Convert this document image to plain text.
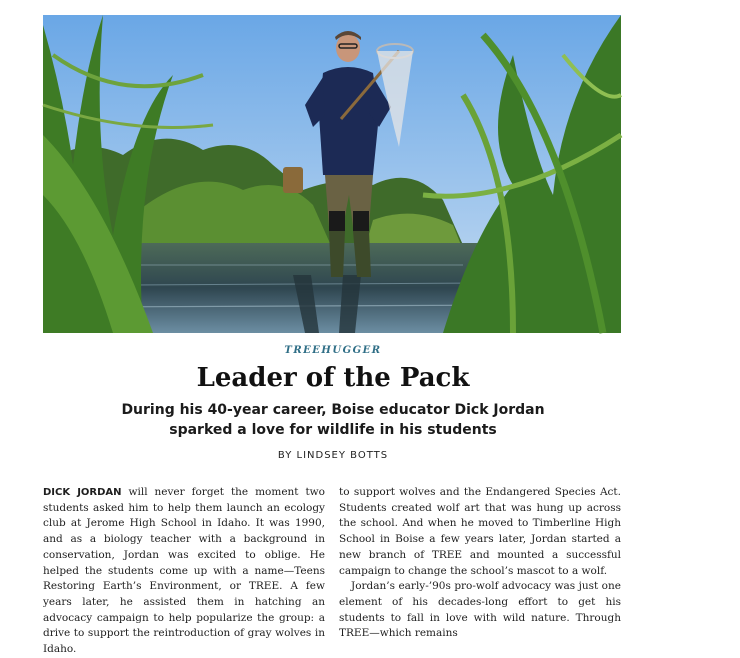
TREEHUGGER
Leader of the Pack
During his 40-year career, Boise educator Dick Jordan sparked a love for wildlife in his students
BY LINDSEY BOTTS

DICK JORDAN will never forget the moment two students asked him to help them launch an ecology club at Jerome High School in Idaho. It was 1990, and as a biology teacher with a background in conservation, Jordan was excited to oblige. He helped the students come up with a name—Teens Restoring Earth’s Environment, or TREE. A few years later, he assisted them in hatching an advocacy campaign to help popularize the group: a drive to support the reintroduction of gray wolves in Idaho.

to support wolves and the Endangered Species Act. Students created wolf art that was hung up across the school. And when he moved to Timberline High School in Boise a few years later, Jordan started a new branch of TREE and mounted a successful campaign to change the school’s mascot to a wolf.

Jordan’s early-’90s pro-wolf advocacy was just one element of his decades-long effort to get his students to fall in love with wild nature. Through TREE—which remains
